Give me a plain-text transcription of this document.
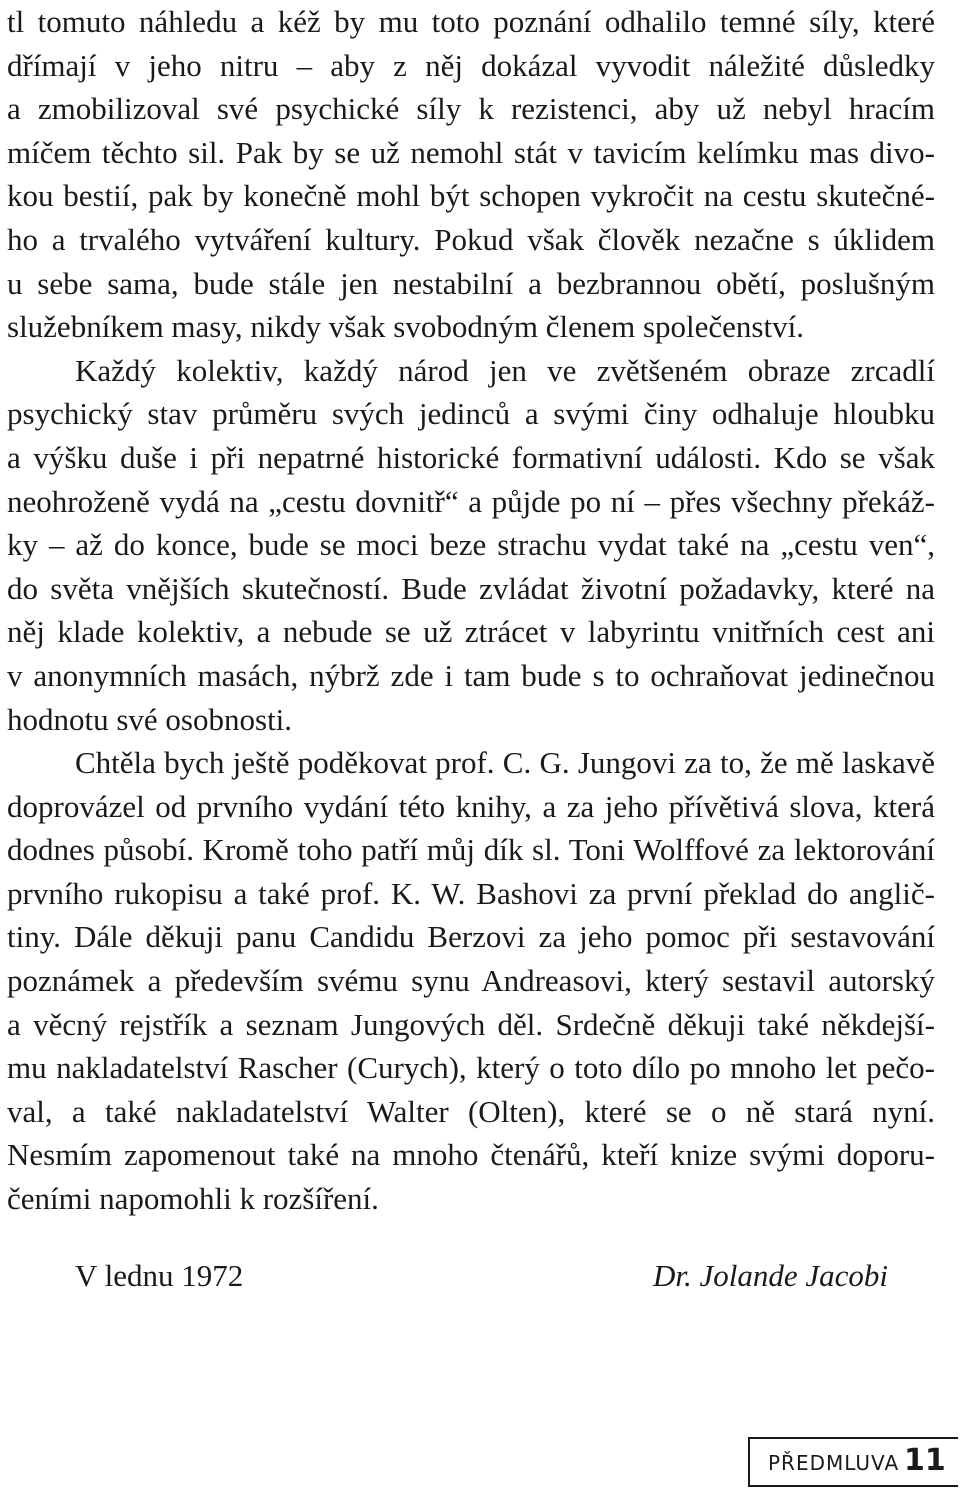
tl tomuto náhledu a kéž by mu toto poznání odhalilo temné síly, které
dřímají v jeho nitru – aby z něj dokázal vyvodit náležité důsledky
a zmobilizoval své psychické síly k rezistenci, aby už nebyl hracím
míčem těchto sil. Pak by se už nemohl stát v tavicím kelímku mas divo-
kou bestií, pak by konečně mohl být schopen vykročit na cestu skutečné-
ho a trvalého vytváření kultury. Pokud však člověk nezačne s úklidem
u sebe sama, bude stále jen nestabilní a bezbrannou obětí, poslušným
služebníkem masy, nikdy však svobodným členem společenství.

Každý kolektiv, každý národ jen ve zvětšeném obraze zrcadlí
psychický stav průměru svých jedinců a svými činy odhaluje hloubku
a výšku duše i při nepatrné historické formativní události. Kdo se však
neohroženě vydá na „cestu dovnitř“ a půjde po ní – přes všechny překáž-
ky – až do konce, bude se moci beze strachu vydat také na „cestu ven“,
do světa vnějších skutečností. Bude zvládat životní požadavky, které na
něj klade kolektiv, a nebude se už ztrácet v labyrintu vnitřních cest ani
v anonymních masách, nýbrž zde i tam bude s to ochraňovat jedinečnou
hodnotu své osobnosti.

Chtěla bych ještě poděkovat prof. C. G. Jungovi za to, že mě laskavě
doprovázel od prvního vydání této knihy, a za jeho přívětivá slova, která
dodnes působí. Kromě toho patří můj dík sl. Toni Wolffové za lektorování
prvního rukopisu a také prof. K. W. Bashovi za první překlad do anglič-
tiny. Dále děkuji panu Candidu Berzovi za jeho pomoc při sestavování
poznámek a především svému synu Andreasovi, který sestavil autorský
a věcný rejstřík a seznam Jungových děl. Srdečně děkuji také někdejší-
mu nakladatelství Rascher (Curych), který o toto dílo po mnoho let pečo-
val, a také nakladatelství Walter (Olten), které se o ně stará nyní.
Nesmím zapomenout také na mnoho čtenářů, kteří knize svými doporu-
čeními napomohli k rozšíření.

V lednu 1972	Dr. Jolande Jacobi
PŘEDMLUVA 11
